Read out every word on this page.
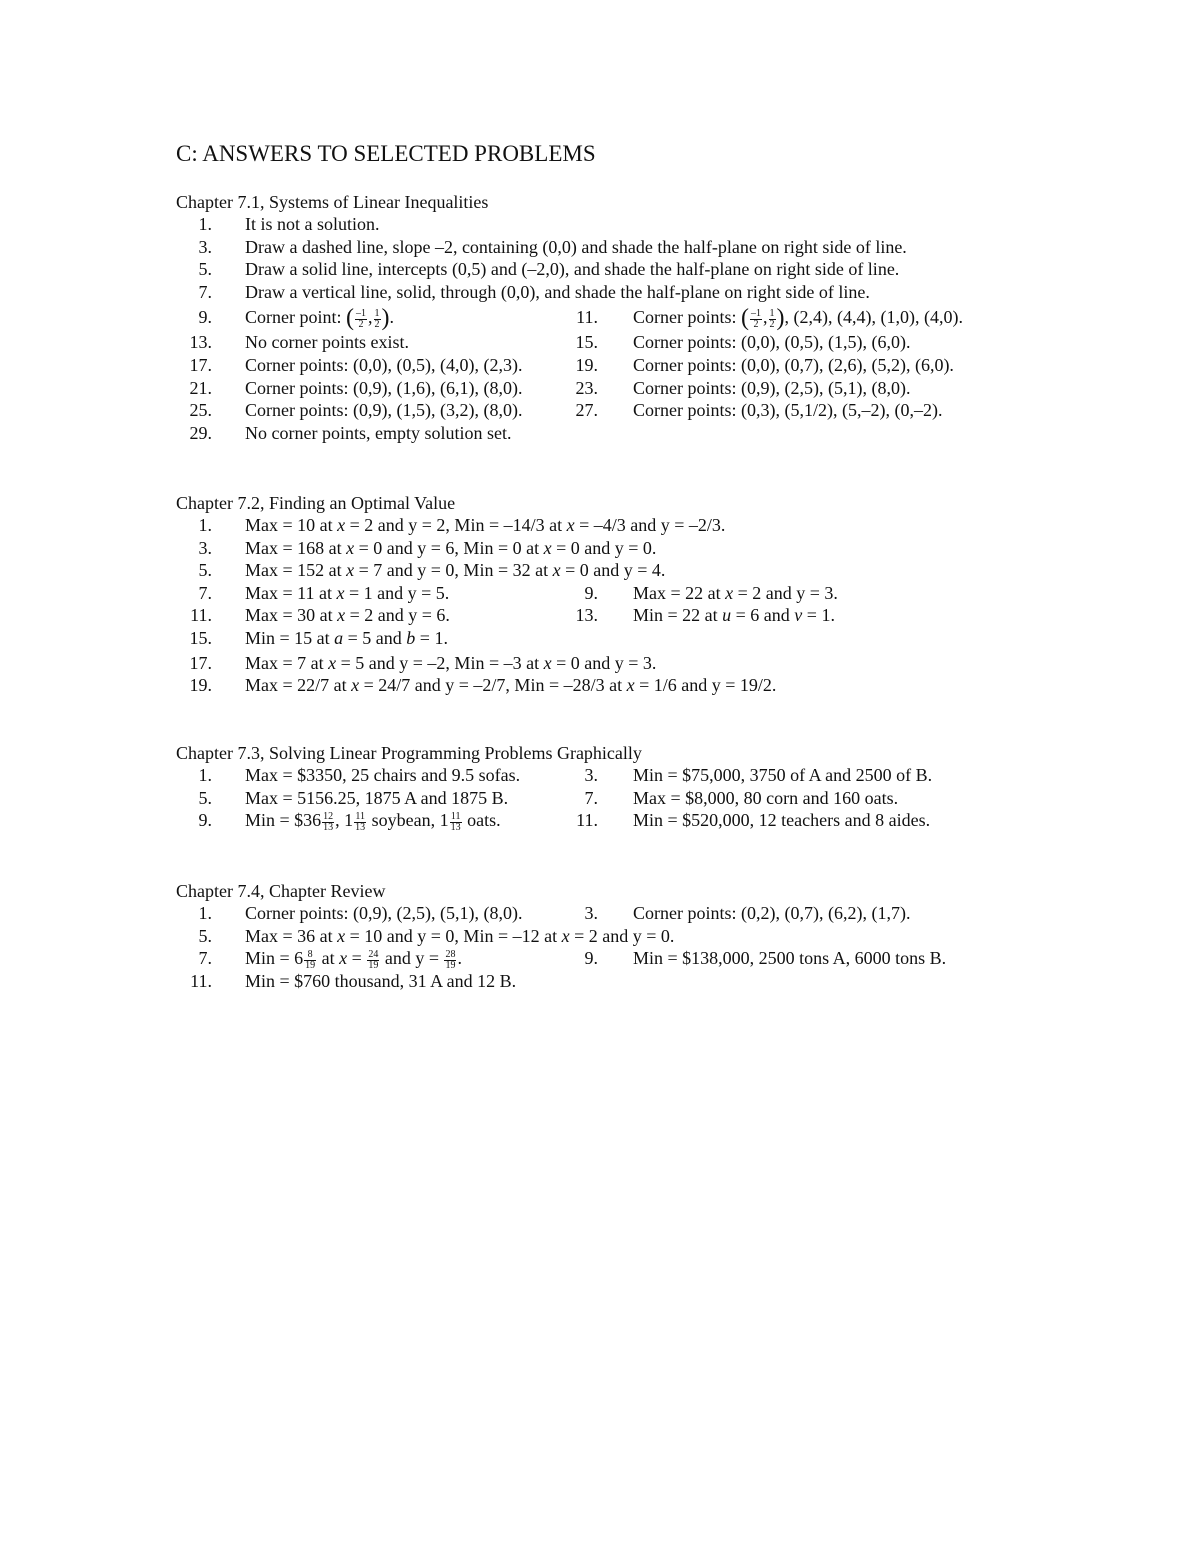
C: ANSWERS TO SELECTED PROBLEMS
Chapter 7.1, Systems of Linear Inequalities
1. It is not a solution.
3. Draw a dashed line, slope –2, containing (0,0) and shade the half-plane on right side of line.
5. Draw a solid line, intercepts (0,5) and (–2,0), and shade the half-plane on right side of line.
7. Draw a vertical line, solid, through (0,0), and shade the half-plane on right side of line.
9. Corner point: ( $\frac{-1}{2}$ , $\frac{1}{2}$ ).	11. Corner points: ( $\frac{-1}{2}$ , $\frac{1}{2}$ ), (2,4), (4,4), (1,0), (4,0).
13. No corner points exist.	15. Corner points: (0,0), (0,5), (1,5), (6,0).
17. Corner points: (0,0), (0,5), (4,0), (2,3).	19. Corner points: (0,0), (0,7), (2,6), (5,2), (6,0).
21. Corner points: (0,9), (1,6), (6,1), (8,0).	23. Corner points: (0,9), (2,5), (5,1), (8,0).
25. Corner points: (0,9), (1,5), (3,2), (8,0).	27. Corner points: (0,3), (5,1/2), (5,–2), (0,–2).
29. No corner points, empty solution set.
Chapter 7.2, Finding an Optimal Value
1. Max = 10 at x = 2 and y = 2, Min = –14/3 at x = –4/3 and y = –2/3.
3. Max = 168 at x = 0 and y = 6, Min = 0 at x = 0 and y = 0.
5. Max = 152 at x = 7 and y = 0, Min = 32 at x = 0 and y = 4.
7. Max = 11 at x = 1 and y = 5.	9. Max = 22 at x = 2 and y = 3.
11. Max = 30 at x = 2 and y = 6.	13. Min = 22 at u = 6 and v = 1.
15. Min = 15 at a = 5 and b = 1.
17. Max = 7 at x = 5 and y = –2, Min = –3 at x = 0 and y = 3.
19. Max = 22/7 at x = 24/7 and y = –2/7, Min = –28/3 at x = 1/6 and y = 19/2.
Chapter 7.3, Solving Linear Programming Problems Graphically
1. Max = $3350, 25 chairs and 9.5 sofas.	3. Min = $75,000, 3750 of A and 2500 of B.
5. Max = 5156.25, 1875 A and 1875 B.	7. Max = $8,000, 80 corn and 160 oats.
9. Min = $36 $\frac{12}{13}$ , $1 \frac{11}{13}$ soybean, $1 \frac{11}{13}$ oats.	11. Min = $520,000, 12 teachers and 8 aides.
Chapter 7.4, Chapter Review
1. Corner points: (0,9), (2,5), (5,1), (8,0).	3. Corner points: (0,2), (0,7), (6,2), (1,7).
5. Max = 36 at x = 10 and y = 0, Min = –12 at x = 2 and y = 0.
7. Min = $6 \frac{8}{19}$ at $x = \frac{24}{19}$ and $y = \frac{28}{19}$ .	9. Min = $138,000, 2500 tons A, 6000 tons B.
11. Min = $760 thousand, 31 A and 12 B.
